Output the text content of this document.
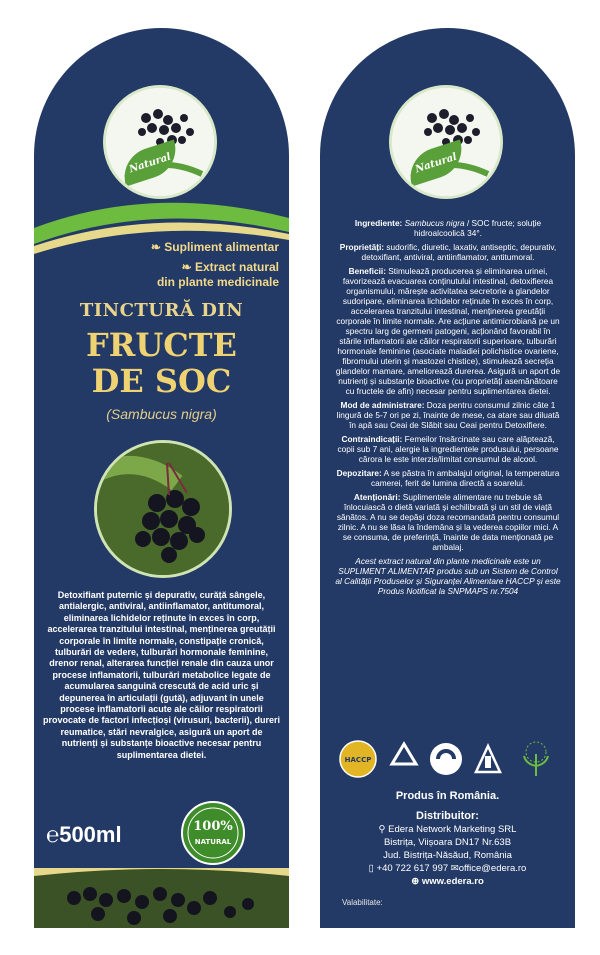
Natural
❧ Supliment alimentar
❧ Extract natural
din plante medicinale
TINCTURĂ DIN
FRUCTE
DE SOC
(Sambucus nigra)
Detoxifiant puternic și depurativ, curăță sângele, antialergic, antiviral, antiinflamator, antitumoral, eliminarea lichidelor reținute în exces în corp, accelerarea tranzitului intestinal, menținerea greutății corporale în limite normale, constipație cronică, tulburări de vedere, tulburări hormonale feminine, drenor renal, alterarea funcției renale din cauza unor procese inflamatorii, tulburări metabolice legate de acumularea sanguină crescută de acid uric și depunerea în articulații (gută), adjuvant în unele procese inflamatorii acute ale căilor respiratorii provocate de factori infecțioși (virusuri, bacterii), dureri reumatice, stări nevralgice, asigură un aport de nutrienți și substanțe bioactive necesar pentru suplimentarea dietei.
℮500ml	100%
NATURAL
Natural

Ingrediente: Sambucus nigra / SOC fructe; soluție hidroalcoolică 34°.

Proprietăți: sudorific, diuretic, laxativ, antiseptic, depurativ, detoxifiant, antiviral, antiinflamator, antitumoral.

Beneficii: Stimulează producerea și eliminarea urinei, favorizează evacuarea conținutului intestinal, detoxifierea organismului, mărește activitatea secretorie a glandelor sudoripare, eliminarea lichidelor reținute în exces în corp, accelerarea tranzitului intestinal, menținerea greutății corporale în limite normale. Are acțiune antimicrobiană pe un spectru larg de germeni patogeni, acționând favorabil în stările inflamatorii ale căilor respiratorii superioare, tulburări hormonale feminine (asociate maladiei polichistice ovariene, fibromului uterin și mastozei chistice), stimulează secreția glandelor mamare, ameliorează durerea. Asigură un aport de nutrienți și substanțe bioactive (cu proprietăți asemănătoare cu fructele de afin) necesar pentru suplimentarea dietei.

Mod de administrare: Doza pentru consumul zilnic câte 1 lingură de 5-7 ori pe zi, înainte de mese, ca atare sau diluată în apă sau Ceai de Slăbit sau Ceai pentru Detoxifiere.

Contraindicații: Femeilor însărcinate sau care alăptează, copii sub 7 ani, alergie la ingredientele produsului, persoane cărora le este interzis/limitat consumul de alcool.

Depozitare: A se păstra în ambalajul original, la temperatura camerei, ferit de lumina directă a soarelui.

Atenționări: Suplimentele alimentare nu trebuie să înlocuiască o dietă variată și echilibrată și un stil de viață sănătos. A nu se depăși doza recomandată pentru consumul zilnic. A nu se lăsa la îndemâna și la vederea copiilor mici. A se consuma, de preferință, înainte de data menționată pe ambalaj.

Acest extract natural din plante medicinale este un SUPLIMENT ALIMENTAR produs sub un Sistem de Control al Calității Produselor și Siguranței Alimentare HACCP și este Produs Notificat la SNPMAPS nr.7504

HACCP
Produs în România.
Distribuitor:
⚲ Edera Network Marketing SRL
Bistrița, Viișoara DN17 Nr.63B
Jud. Bistrița-Năsăud, România
▯ +40 722 617 997 ✉office@edera.ro
⊕ www.edera.ro
Valabilitate:
